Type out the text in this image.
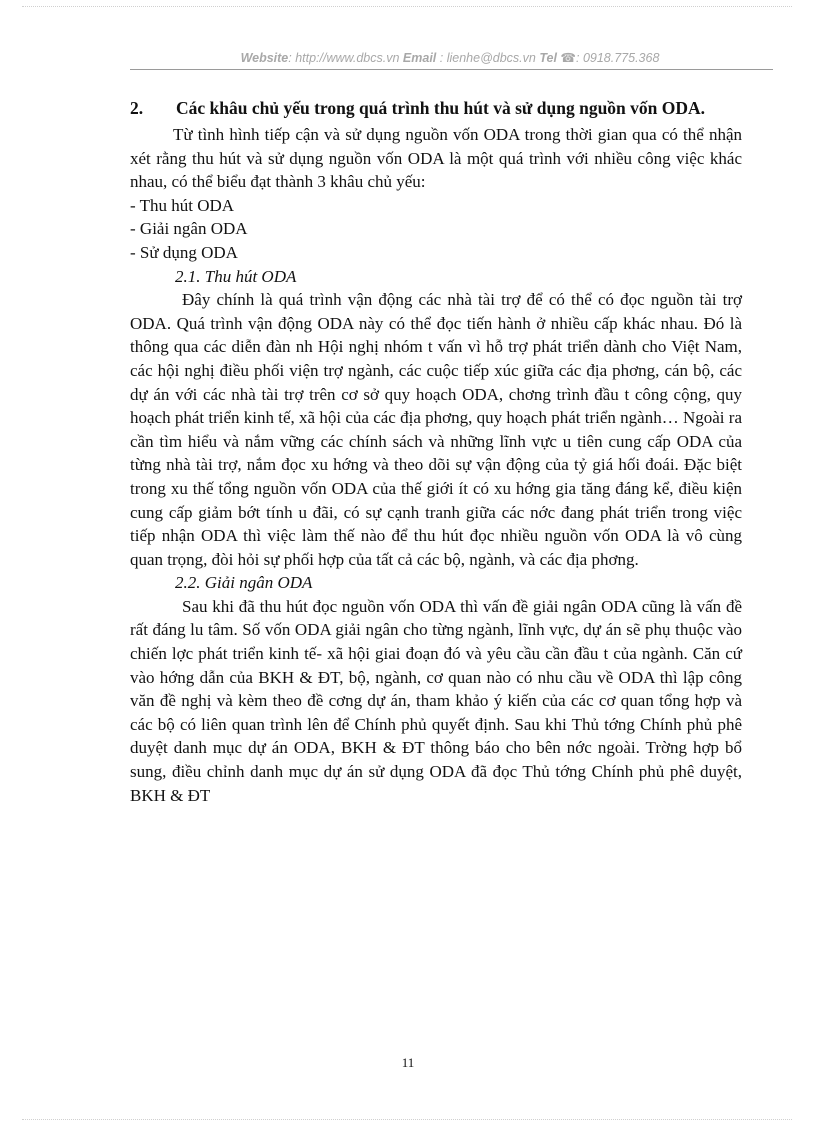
Website: http://www.dbcs.vn Email : lienhe@dbcs.vn Tel ☎: 0918.775.368
2.	Các khâu chủ yếu trong quá trình thu hút và sử dụng nguồn vốn ODA.

Từ tình hình tiếp cận và sử dụng nguồn vốn ODA trong thời gian qua có thể nhận xét rằng thu hút và sử dụng nguồn vốn ODA là một quá trình với nhiều công việc khác nhau, có thể biểu đạt thành 3 khâu chủ yếu:

- Thu hút ODA

- Giải ngân ODA

- Sử dụng ODA

2.1. Thu hút ODA

Đây chính là quá trình vận động các nhà tài trợ để có thể có đọc nguồn tài trợ ODA. Quá trình vận động ODA này có thể đọc tiến hành ở nhiều cấp khác nhau. Đó là thông qua các diễn đàn nh Hội nghị nhóm t vấn vì hỗ trợ phát triển dành cho Việt Nam, các hội nghị điều phối viện trợ ngành, các cuộc tiếp xúc giữa các địa phơng, cán bộ, các dự án với các nhà tài trợ trên cơ sở quy hoạch ODA, chơng trình đầu t công cộng, quy hoạch phát triển kinh tế, xã hội của các địa phơng, quy hoạch phát triển ngành… Ngoài ra cần tìm hiểu và nắm vững các chính sách và những lĩnh vực u tiên cung cấp ODA của từng nhà tài trợ, nắm đọc xu hớng và theo dõi sự vận động của tỷ giá hối đoái. Đặc biệt trong xu thế tổng nguồn vốn ODA của thế giới ít có xu hớng gia tăng đáng kể, điều kiện cung cấp giảm bớt tính u đãi, có sự cạnh tranh giữa các nớc đang phát triển trong việc tiếp nhận ODA thì việc làm thế nào để thu hút đọc nhiều nguồn vốn ODA là vô cùng quan trọng, đòi hỏi sự phối hợp của tất cả các bộ, ngành, và các địa phơng.

2.2. Giải ngân ODA

Sau khi đã thu hút đọc nguồn vốn ODA thì vấn đề giải ngân ODA cũng là vấn đề rất đáng lu tâm. Số vốn ODA giải ngân cho từng ngành, lĩnh vực, dự án sẽ phụ thuộc vào chiến lợc phát triển kinh tế- xã hội giai đoạn đó và yêu cầu cần đầu t của ngành. Căn cứ vào hớng dẫn của BKH & ĐT, bộ, ngành, cơ quan nào có nhu cầu về ODA thì lập công văn đề nghị và kèm theo đề cơng dự án, tham khảo ý kiến của các cơ quan tổng hợp và các bộ có liên quan trình lên để Chính phủ quyết định. Sau khi Thủ tớng Chính phủ phê duyệt danh mục dự án ODA, BKH & ĐT thông báo cho bên nớc ngoài. Trờng hợp bổ sung, điều chỉnh danh mục dự án sử dụng ODA đã đọc Thủ tớng Chính phủ phê duyệt, BKH & ĐT

11
